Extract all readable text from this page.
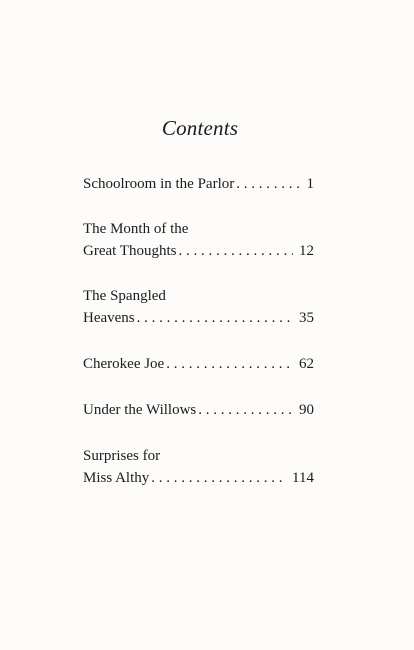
Contents
Schoolroom in the Parlor . . .	1
The Month of the
Great Thoughts . . .	12
The Spangled
Heavens . . .	35
Cherokee Joe . . .	62
Under the Willows . . .	90
Surprises for
Miss Althy . . .	114
